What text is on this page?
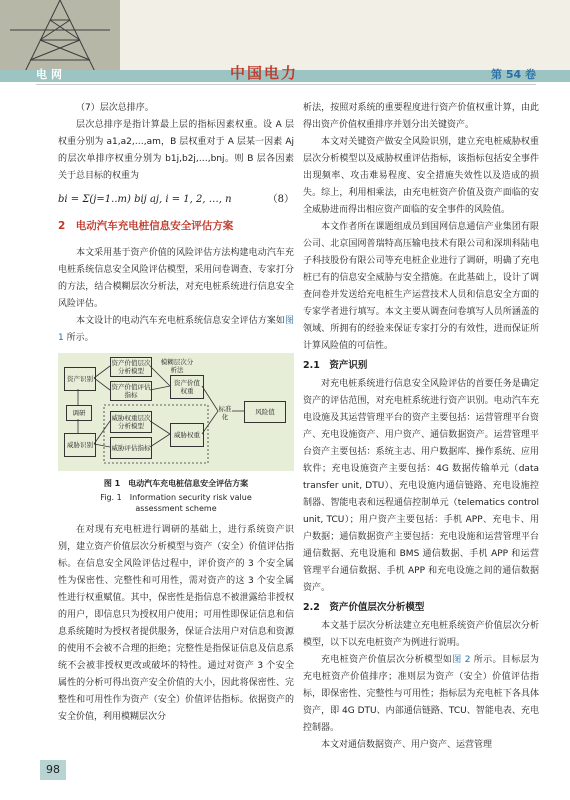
电网	中国电力	第 54 卷

（7）层次总排序。

层次总排序是指计算最上层的指标因素权重。设 A 层权重分别为 a1,a2,…,am，B 层权重对于 A 层某一因素 Aj 的层次单排序权重分别为 b1j,b2j,…,bnj。则 B 层各因素关于总目标的权重为

bi = Σ(j=1..m) bij aj, i = 1, 2, …, n	（8）
2　电动汽车充电桩信息安全评估方案

本文采用基于资产价值的风险评估方法构建电动汽车充电桩系统信息安全风险评估模型，采用问卷调查、专家打分的方法，结合模糊层次分析法，对充电桩系统进行信息安全风险评估。

本文设计的电动汽车充电桩系统信息安全评估方案如图 1 所示。

资产识别
资产价值层次分析模型
资产价值评估指标
模糊层次分析法
资产价值权重
调研
威胁识别
威胁权重层次分析模型
威胁评估指标
威胁权重
标准化
风险值
图 1　电动汽车充电桩信息安全评估方案

Fig. 1　Information security risk value

assessment scheme

在对现有充电桩进行调研的基础上，进行系统资产识别，建立资产价值层次分析模型与资产（安全）价值评估指标。在信息安全风险评估过程中，评价资产的 3 个安全属性为保密性、完整性和可用性，需对资产的这 3 个安全属性进行权重赋值。其中，保密性是指信息不被泄露给非授权的用户，即信息只为授权用户使用；可用性即保证信息和信息系统随时为授权者提供服务，保证合法用户对信息和资源的使用不会被不合理的拒绝；完整性是指保证信息及信息系统不会被非授权更改或破坏的特性。通过对资产 3 个安全属性的分析可得出资产安全价值的大小，因此将保密性、完整性和可用性作为资产（安全）价值评估指标。依据资产的安全价值，利用模糊层次分

析法，按照对系统的重要程度进行资产价值权重计算，由此得出资产价值权重排序并划分出关键资产。

本文对关键资产做安全风险识别，建立充电桩威胁权重层次分析模型以及威胁权重评估指标，该指标包括安全事件出现频率、攻击难易程度、安全措施失效性以及造成的损失。综上，利用相乘法，由充电桩资产价值及资产面临的安全威胁进而得出相应资产面临的安全事件的风险值。

本文作者所在课题组成员到国网信息通信产业集团有限公司、北京国网普瑞特高压输电技术有限公司和深圳科陆电子科技股份有限公司等充电桩企业进行了调研，明确了充电桩已有的信息安全威胁与安全措施。在此基础上，设计了调查问卷并发送给充电桩生产运营技术人员和信息安全方面的专家学者进行填写。本文主要从调查问卷填写人员所涵盖的领域、所拥有的经验来保证专家打分的有效性，进而保证所计算风险值的可信性。

2.1　资产识别

对充电桩系统进行信息安全风险评估的首要任务是确定资产的评估范围，对充电桩系统进行资产识别。电动汽车充电设施及其运营管理平台的资产主要包括：运营管理平台资产、充电设施资产、用户资产、通信数据资产。运营管理平台资产主要包括：系统主志、用户数据库、操作系统、应用软件；充电设施资产主要包括：4G 数据传输单元（data transfer unit, DTU）、充电设施内通信链路、充电设施控制器、智能电表和远程通信控制单元（telematics control unit, TCU）；用户资产主要包括：手机 APP、充电卡、用户数据；通信数据资产主要包括：充电设施和运营管理平台通信数据、充电设施和 BMS 通信数据、手机 APP 和运营管理平台通信数据、手机 APP 和充电设施之间的通信数据资产。

2.2　资产价值层次分析模型

本文基于层次分析法建立充电桩系统资产价值层次分析模型，以下以充电桩资产为例进行说明。

充电桩资产价值层次分析模型如图 2 所示。目标层为充电桩资产价值排序；准则层为资产（安全）价值评估指标，即保密性、完整性与可用性；指标层为充电桩下各具体资产，即 4G DTU、内部通信链路、TCU、智能电表、充电控制器。

本文对通信数据资产、用户资产、运营管理

98
